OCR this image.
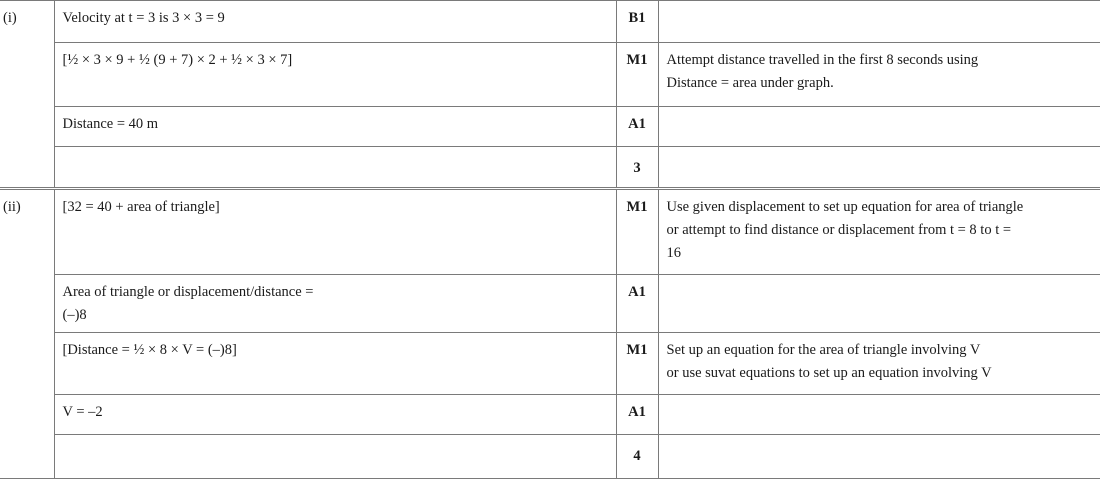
(i)	Velocity at t = 3 is 3 × 3 = 9	B1	
	[½ × 3 × 9 + ½ (9 + 7) × 2 + ½ × 3 × 7]	M1	Attempt distance travelled in the first 8 seconds using
Distance = area under graph.
	Distance = 40 m	A1	
		3	
(ii)	[32 = 40 + area of triangle]	M1	Use given displacement to set up equation for area of triangle
or attempt to find distance or displacement from t = 8 to t =
16
	Area of triangle or displacement/distance =
(–)8	A1	
	[Distance = ½ × 8 × V = (–)8]	M1	Set up an equation for the area of triangle involving V
or use suvat equations to set up an equation involving V
	V = –2	A1	
		4	
